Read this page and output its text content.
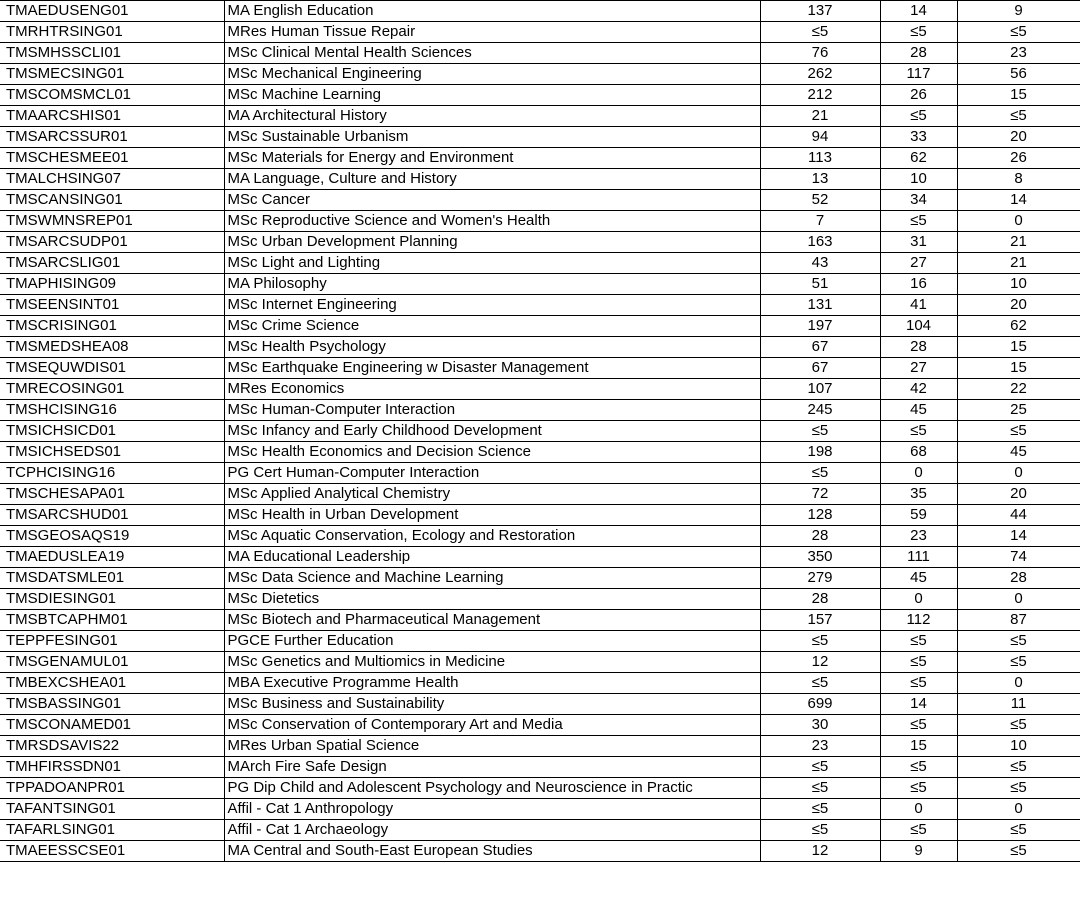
TMAEDUSENG01	MA English Education	137	14	9
TMRHTRSING01	MRes Human Tissue Repair	≤5	≤5	≤5
TMSMHSSCLI01	MSc Clinical Mental Health Sciences	76	28	23
TMSMECSING01	MSc Mechanical Engineering	262	117	56
TMSCOMSMCL01	MSc Machine Learning	212	26	15
TMAARCSHIS01	MA Architectural History	21	≤5	≤5
TMSARCSSUR01	MSc Sustainable Urbanism	94	33	20
TMSCHESMEE01	MSc Materials for Energy and Environment	113	62	26
TMALCHSING07	MA Language, Culture and History	13	10	8
TMSCANSING01	MSc Cancer	52	34	14
TMSWMNSREP01	MSc Reproductive Science and Women's Health	7	≤5	0
TMSARCSUDP01	MSc Urban Development Planning	163	31	21
TMSARCSLIG01	MSc Light and Lighting	43	27	21
TMAPHISING09	MA Philosophy	51	16	10
TMSEENSINT01	MSc Internet Engineering	131	41	20
TMSCRISING01	MSc Crime Science	197	104	62
TMSMEDSHEA08	MSc Health Psychology	67	28	15
TMSEQUWDIS01	MSc Earthquake Engineering w Disaster Management	67	27	15
TMRECOSING01	MRes Economics	107	42	22
TMSHCISING16	MSc Human-Computer Interaction	245	45	25
TMSICHSICD01	MSc Infancy and Early Childhood Development	≤5	≤5	≤5
TMSICHSEDS01	MSc Health Economics and Decision Science	198	68	45
TCPHCISING16	PG Cert Human-Computer Interaction	≤5	0	0
TMSCHESAPA01	MSc Applied Analytical Chemistry	72	35	20
TMSARCSHUD01	MSc Health in Urban Development	128	59	44
TMSGEOSAQS19	MSc Aquatic Conservation, Ecology and Restoration	28	23	14
TMAEDUSLEA19	MA Educational Leadership	350	111	74
TMSDATSMLE01	MSc Data Science and Machine Learning	279	45	28
TMSDIESING01	MSc Dietetics	28	0	0
TMSBTCAPHM01	MSc Biotech and Pharmaceutical Management	157	112	87
TEPPFESING01	PGCE Further Education	≤5	≤5	≤5
TMSGENAMUL01	MSc Genetics and Multiomics in Medicine	12	≤5	≤5
TMBEXCSHEA01	MBA Executive Programme Health	≤5	≤5	0
TMSBASSING01	MSc Business and Sustainability	699	14	11
TMSCONAMED01	MSc Conservation of Contemporary Art and Media	30	≤5	≤5
TMRSDSAVIS22	MRes Urban Spatial Science	23	15	10
TMHFIRSSDN01	MArch Fire Safe Design	≤5	≤5	≤5
TPPADOANPR01	PG Dip Child and Adolescent Psychology and Neuroscience in Practic	≤5	≤5	≤5
TAFANTSING01	Affil - Cat 1 Anthropology	≤5	0	0
TAFARLSING01	Affil - Cat 1 Archaeology	≤5	≤5	≤5
TMAEESSCSE01	MA Central and South-East European Studies	12	9	≤5
